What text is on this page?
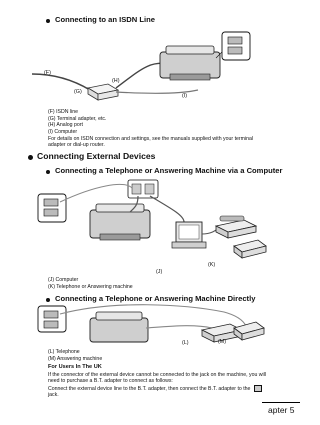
Connecting to an ISDN Line
(F)
(H)
(G)
(I)
(F) ISDN line
(G) Terminal adapter, etc.
(H) Analog port
(I) Computer
For details on ISDN connection and settings, see the manuals supplied with your terminal adapter or dial-up router.
Connecting External Devices
Connecting a Telephone or Answering Machine via a Computer
(K)
(J)
(J) Computer
(K) Telephone or Answering machine
Connecting a Telephone or Answering Machine Directly
(L)	(M)
(L) Telephone
(M) Answering machine
For Users In The UK
If the connector of the external device cannot be connected to the jack on the machine, you will need to purchase a B.T. adapter to connect as follows:
Connect the external device line to the B.T. adapter, then connect the B.T. adapter to the
jack.
apter 5
